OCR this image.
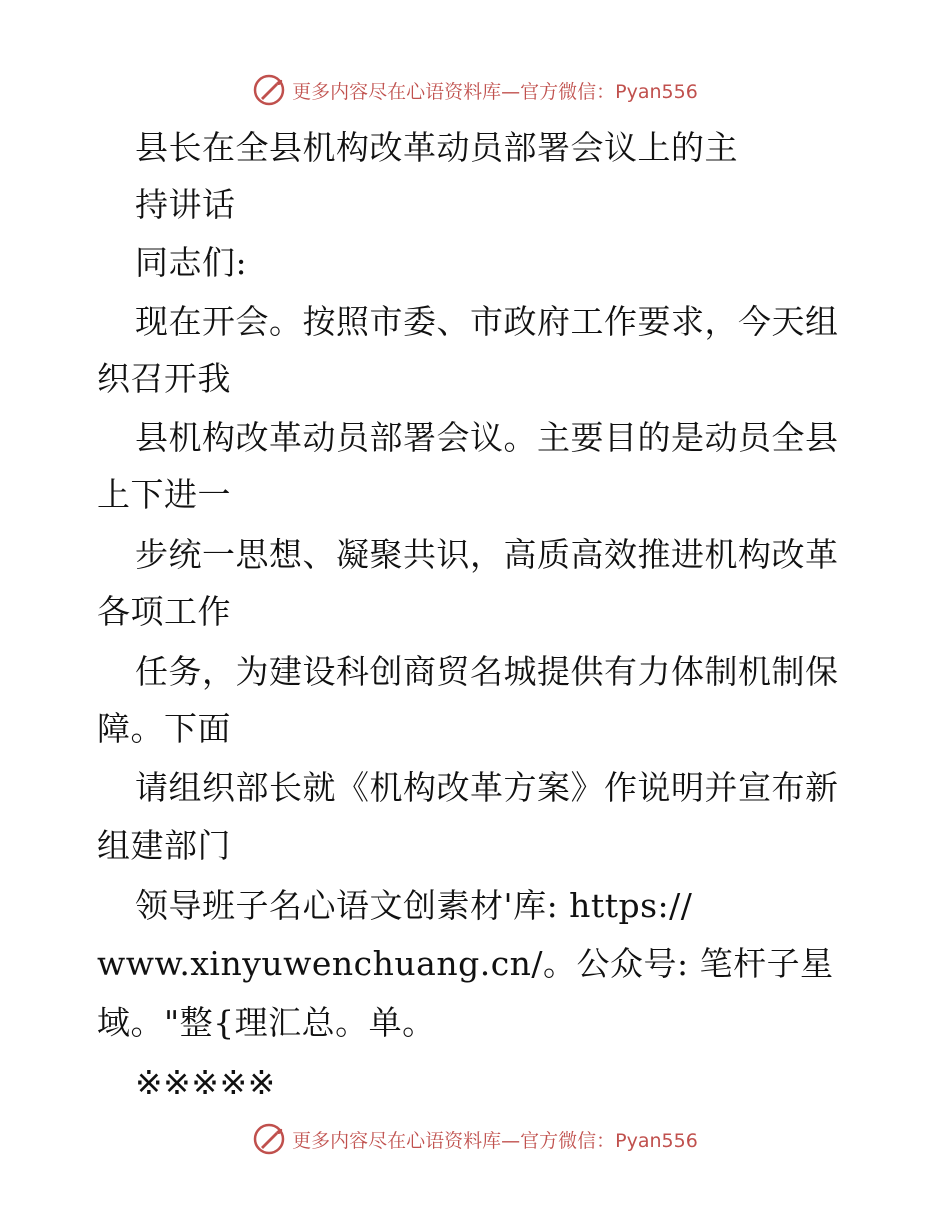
更多内容尽在心语资料库—官方微信：Pyan556
县长在全县机构改革动员部署会议上的主
持讲话
同志们:
现在开会。按照市委、市政府工作要求，今天组
织召开我
县机构改革动员部署会议。主要目的是动员全县
上下进一
步统一思想、凝聚共识，高质高效推进机构改革
各项工作
任务，为建设科创商贸名城提供有力体制机制保
障。下面
请组织部长就《机构改革方案》作说明并宣布新
组建部门
领导班子名心语文创素材'库: https://
www.xinyuwenchuang.cn/。公众号: 笔杆子星
域。"整{理汇总。单。
※※※※※
更多内容尽在心语资料库—官方微信：Pyan556
